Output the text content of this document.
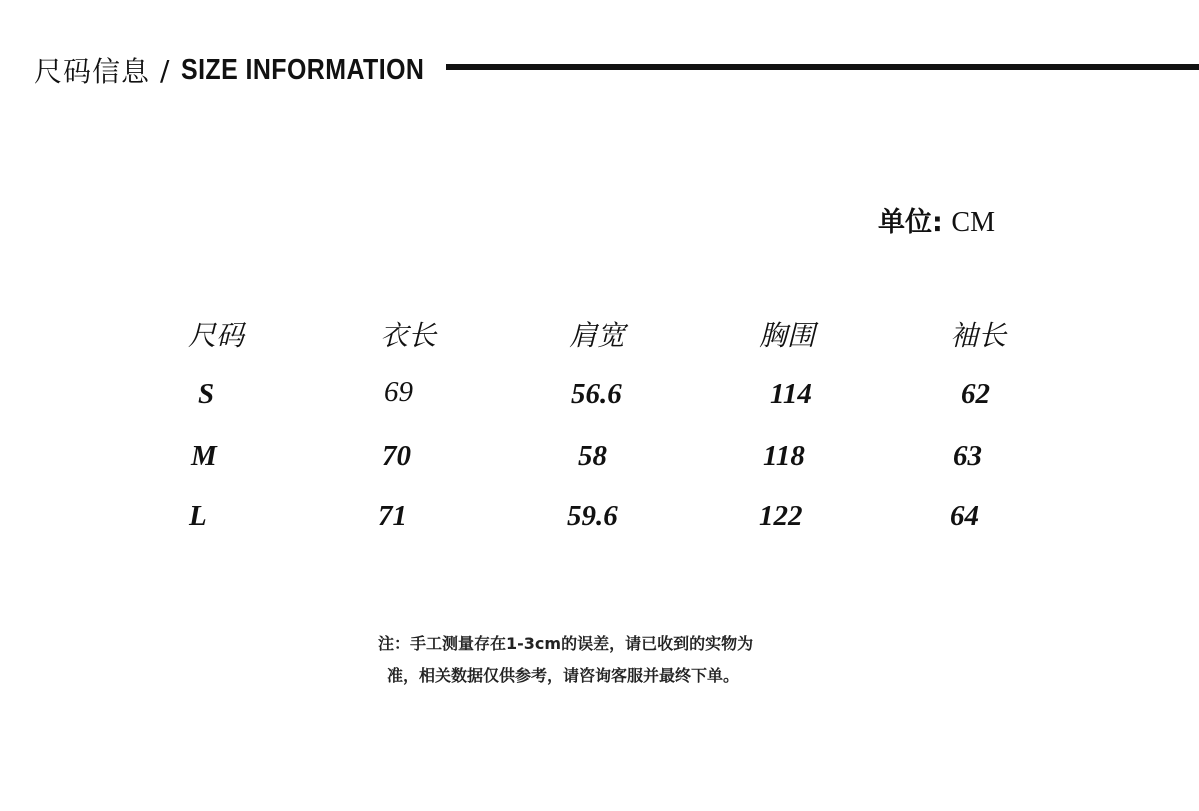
尺码信息 / SIZE INFORMATION
单位: CM
尺码	衣长	肩宽	胸围	袖长
S	69	56.6	114	62
M	70	58	118	63
L	71	59.6	122	64
注：手工测量存在1-3cm的误差，请已收到的实物为
准，相关数据仅供参考，请咨询客服并最终下单。
